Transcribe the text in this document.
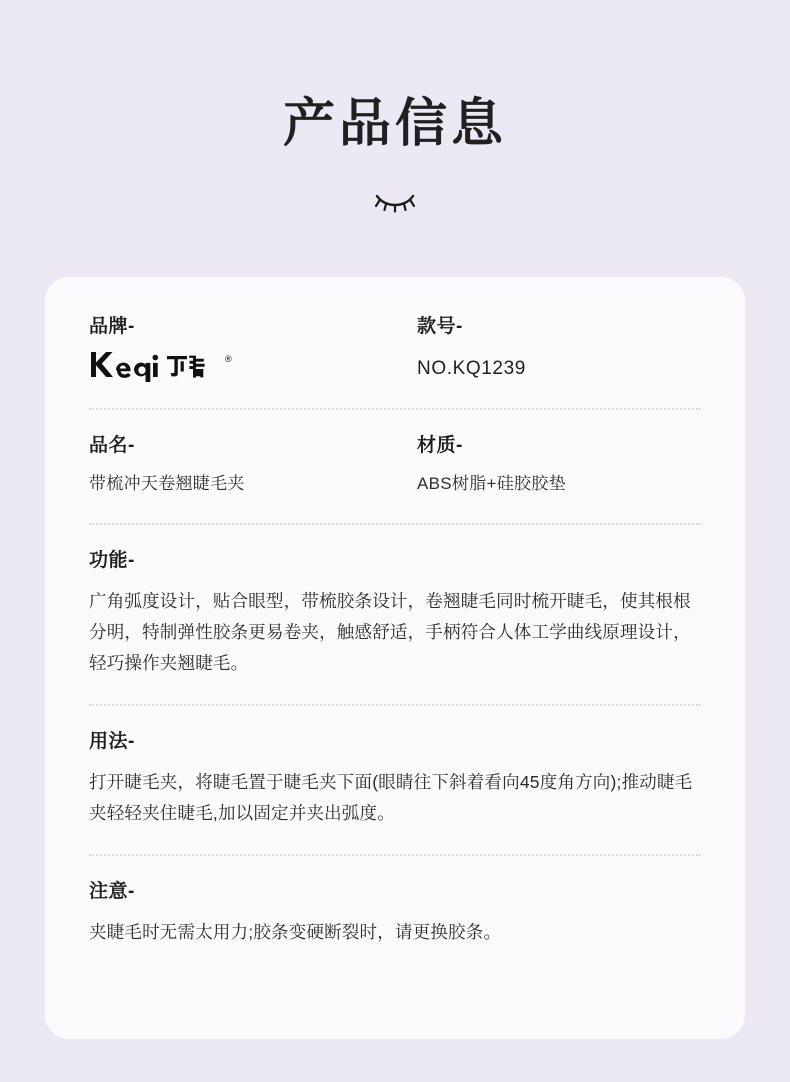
产品信息
品牌-
®
款号-
NO.KQ1239
品名-
带梳冲天卷翘睫毛夹
材质-
ABS树脂+硅胶胶垫
功能-
广角弧度设计，贴合眼型，带梳胶条设计，卷翘睫毛同时梳开睫毛，使其根根分明，特制弹性胶条更易卷夹，触感舒适，手柄符合人体工学曲线原理设计，轻巧操作夹翘睫毛。
用法-
打开睫毛夹，将睫毛置于睫毛夹下面(眼睛往下斜着看向45度角方向);推动睫毛夹轻轻夹住睫毛,加以固定并夹出弧度。
注意-
夹睫毛时无需太用力;胶条变硬断裂时，请更换胶条。
